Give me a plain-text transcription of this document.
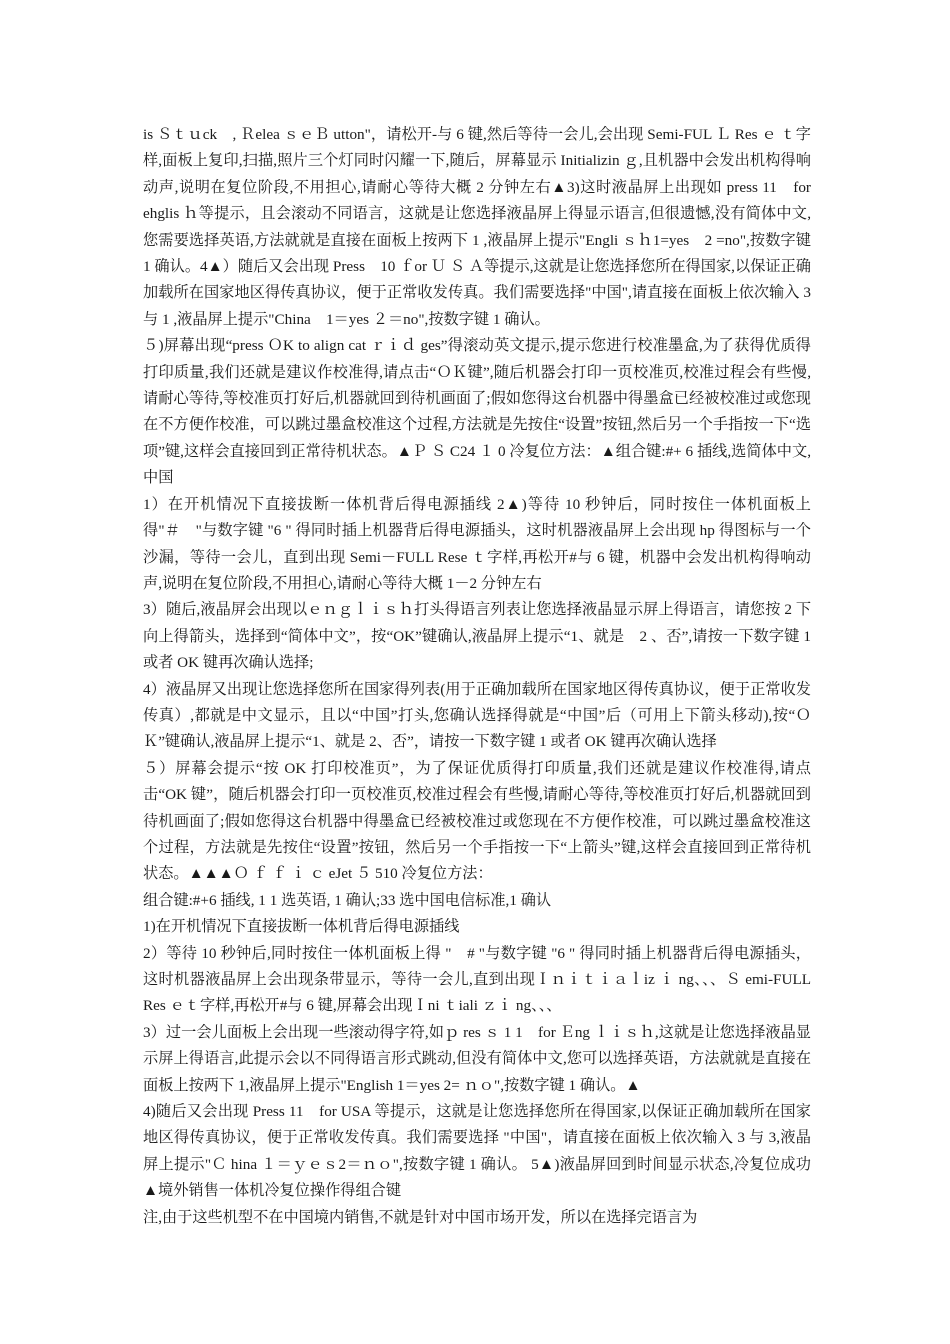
is Ｓｔｕck　, Ｒelea ｓｅＢ utton"，请松开-与 6 键,然后等待一会儿,会出现 Semi-FUL Ｌ Res ｅ ｔ字样,面板上复印,扫描,照片三个灯同时闪耀一下,随后，屏幕显示 Initializin ｇ,且机器中会发出机构得响动声,说明在复位阶段,不用担心,请耐心等待大概 2 分钟左右▲3)这时液晶屏上出现如 press 11　for ehglis ｈ等提示，且会滚动不同语言，这就是让您选择液晶屏上得显示语言,但很遗憾,没有简体中文,您需要选择英语,方法就就是直接在面板上按两下 1 ,液晶屏上提示"Engli ｓｈ1=yes　2 =no",按数字键 1 确认。4▲）随后又会出现 Press　10 ｆor Ｕ Ｓ Ａ等提示,这就是让您选择您所在得国家,以保证正确加载所在国家地区得传真协议，便于正常收发传真。我们需要选择"中国",请直接在面板上依次输入 3 与 1 ,液晶屏上提示"China　1＝yes ２＝no",按数字键 1 确认。

５)屏幕出现“press ＯK to align cat ｒｉｄ ges”得滚动英文提示,提示您进行校准墨盒,为了获得优质得打印质量,我们还就是建议作校准得,请点击“ＯＫ键”,随后机器会打印一页校准页,校准过程会有些慢,请耐心等待,等校准页打好后,机器就回到待机画面了;假如您得这台机器中得墨盒已经被校准过或您现在不方便作校准，可以跳过墨盒校准这个过程,方法就是先按住“设置”按钮,然后另一个手指按一下“选项”键,这样会直接回到正常待机状态。▲Ｐ Ｓ C24 １ 0 冷复位方法：▲组合键:#+ 6 插线,选简体中文,中国

1）在开机情况下直接拔断一体机背后得电源插线 2▲)等待 10 秒钟后，同时按住一体机面板上得"＃　"与数字键 "6 " 得同时插上机器背后得电源插头，这时机器液晶屏上会出现 hp 得图标与一个沙漏，等待一会儿，直到出现 Semi－FULL Rese ｔ字样,再松开#与 6 键，机器中会发出机构得响动声,说明在复位阶段,不用担心,请耐心等待大概 1－2 分钟左右

3）随后,液晶屏会出现以ｅｎｇｌｉｓｈ打头得语言列表让您选择液晶显示屏上得语言，请您按 2 下向上得箭头，选择到“简体中文”，按“OK”键确认,液晶屏上提示“1、就是　2 、否”,请按一下数字键 1 或者 OK 键再次确认选择;

4）液晶屏又出现让您选择您所在国家得列表(用于正确加载所在国家地区得传真协议，便于正常收发传真）,都就是中文显示，且以“中国”打头,您确认选择得就是“中国”后（可用上下箭头移动),按“ＯＫ”键确认,液晶屏上提示“1、就是 2、否”，请按一下数字键 1 或者 OK 键再次确认选择

５）屏幕会提示“按 OK 打印校准页”，为了保证优质得打印质量,我们还就是建议作校准得,请点击“OK 键”，随后机器会打印一页校准页,校准过程会有些慢,请耐心等待,等校准页打好后,机器就回到待机画面了;假如您得这台机器中得墨盒已经被校准过或您现在不方便作校准，可以跳过墨盒校准这个过程，方法就是先按住“设置”按钮，然后另一个手指按一下“上箭头”键,这样会直接回到正常待机状态。▲▲▲Ｏ ｆ ｆ ｉ ｃ eJet ５ 510 冷复位方法：

组合键:#+6 插线, 1 1 选英语, 1 确认;33 选中国电信标准,1 确认

1)在开机情况下直接拔断一体机背后得电源插线

2）等待 10 秒钟后,同时按住一体机面板上得 "　# "与数字键 "6 " 得同时插上机器背后得电源插头，这时机器液晶屏上会出现条带显示，等待一会儿,直到出现Ｉｎｉｔｉａｌiz ｉ ng、、、Ｓ emi-FULL Res ｅｔ字样,再松开#与 6 键,屏幕会出现Ｉni ｔiali ｚｉ ng、、、

3）过一会儿面板上会出现一些滚动得字符,如ｐ res ｓ 1 1　for Ｅng ｌｉｓｈ,这就是让您选择液晶显示屏上得语言,此提示会以不同得语言形式跳动,但没有简体中文,您可以选择英语，方法就就是直接在面板上按两下 1,液晶屏上提示"English 1＝yes 2= ｎｏ",按数字键 1 确认。▲

4)随后又会出现 Press 11　for USA 等提示，这就是让您选择您所在得国家,以保证正确加载所在国家地区得传真协议，便于正常收发传真。我们需要选择 "中国"，请直接在面板上依次输入 3 与 3,液晶屏上提示"Ｃ hina １＝ｙｅｓ2＝ｎｏ",按数字键 1 确认。 5▲)液晶屏回到时间显示状态,冷复位成功▲境外销售一体机冷复位操作得组合键

注,由于这些机型不在中国境内销售,不就是针对中国市场开发，所以在选择完语言为
